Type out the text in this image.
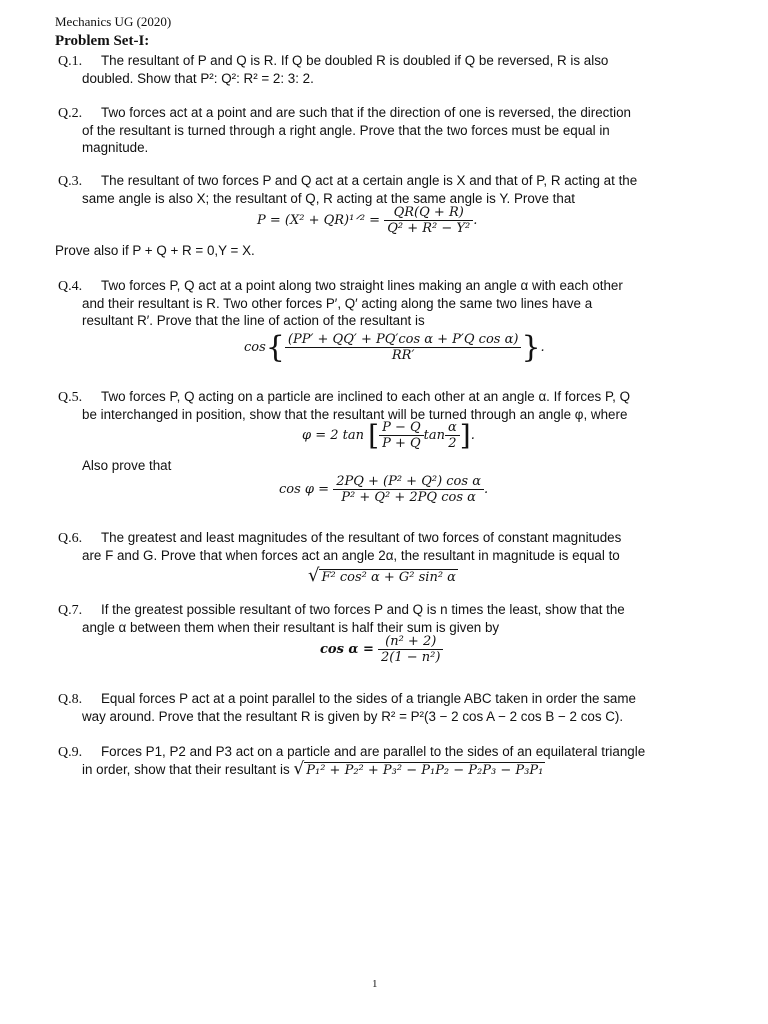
Mechanics UG (2020)
Problem Set-I:
Q.1. The resultant of P and Q is R. If Q be doubled R is doubled if Q be reversed, R is also
doubled. Show that P²: Q²: R² = 2: 3: 2.
Q.2. Two forces act at a point and are such that if the direction of one is reversed, the direction
of the resultant is turned through a right angle. Prove that the two forces must be equal in
magnitude.
Q.3. The resultant of two forces P and Q act at a certain angle is X and that of P, R acting at the
same angle is also X; the resultant of Q, R acting at the same angle is Y. Prove that
P = (X² + QR)¹ᐟ² = $\frac{QR(Q + R)}{\text{Q² + R² − Y²}}$ .
Prove also if P + Q + R = 0,Y = X.
Q.4. Two forces P, Q act at a point along two straight lines making an angle α with each other
and their resultant is R. Two other forces P′, Q′ acting along the same two lines have a
resultant R′. Prove that the line of action of the resultant is
$\cos\{ \frac{\text{(PP′ + QQ′ + PQ′cos α + P′Q cos α)}}{RR'}$ }.
Q.5. Two forces P, Q acting on a particle are inclined to each other at an angle α. If forces P, Q
be interchanged in position, show that the resultant will be turned through an angle φ, where
φ = 2 tan [ $\frac{P - Q}{P + Q}$ $\tan \frac{\alpha}{2}$ ].
Also prove that
$\cos \varphi = \frac{\text{2PQ + (P² + Q²) cos α}}{\text{P² + Q² + 2PQ cos α}}$ .
Q.6. The greatest and least magnitudes of the resultant of two forces of constant magnitudes
are F and G. Prove that when forces act an angle 2α, the resultant in magnitude is equal to
√ F² cos² α + G² sin² α
Q.7. If the greatest possible resultant of two forces P and Q is n times the least, show that the
angle α between them when their resultant is half their sum is given by
$\cos \alpha = \frac{\text{(n² + 2)}}{\text{2(1 − n²)}}$
Q.8. Equal forces P act at a point parallel to the sides of a triangle ABC taken in order the same
way around. Prove that the resultant R is given by R² = P²(3 − 2 cos A − 2 cos B − 2 cos C).
Q.9. Forces P1, P2 and P3 act on a particle and are parallel to the sides of an equilateral triangle
in order, show that their resultant is √ P₁² + P₂² + P₃² − P₁P₂ − P₂P₃ − P₃P₁
1
